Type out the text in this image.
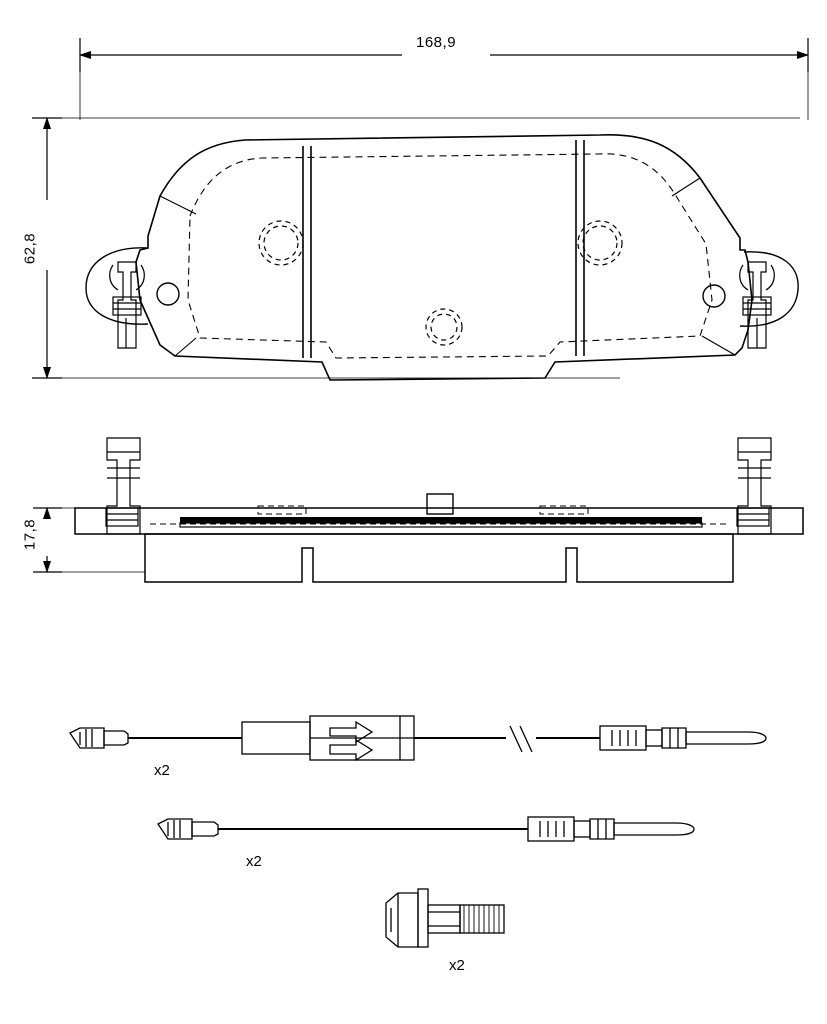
168,9
62,8
17,8
x2
x2
x2
